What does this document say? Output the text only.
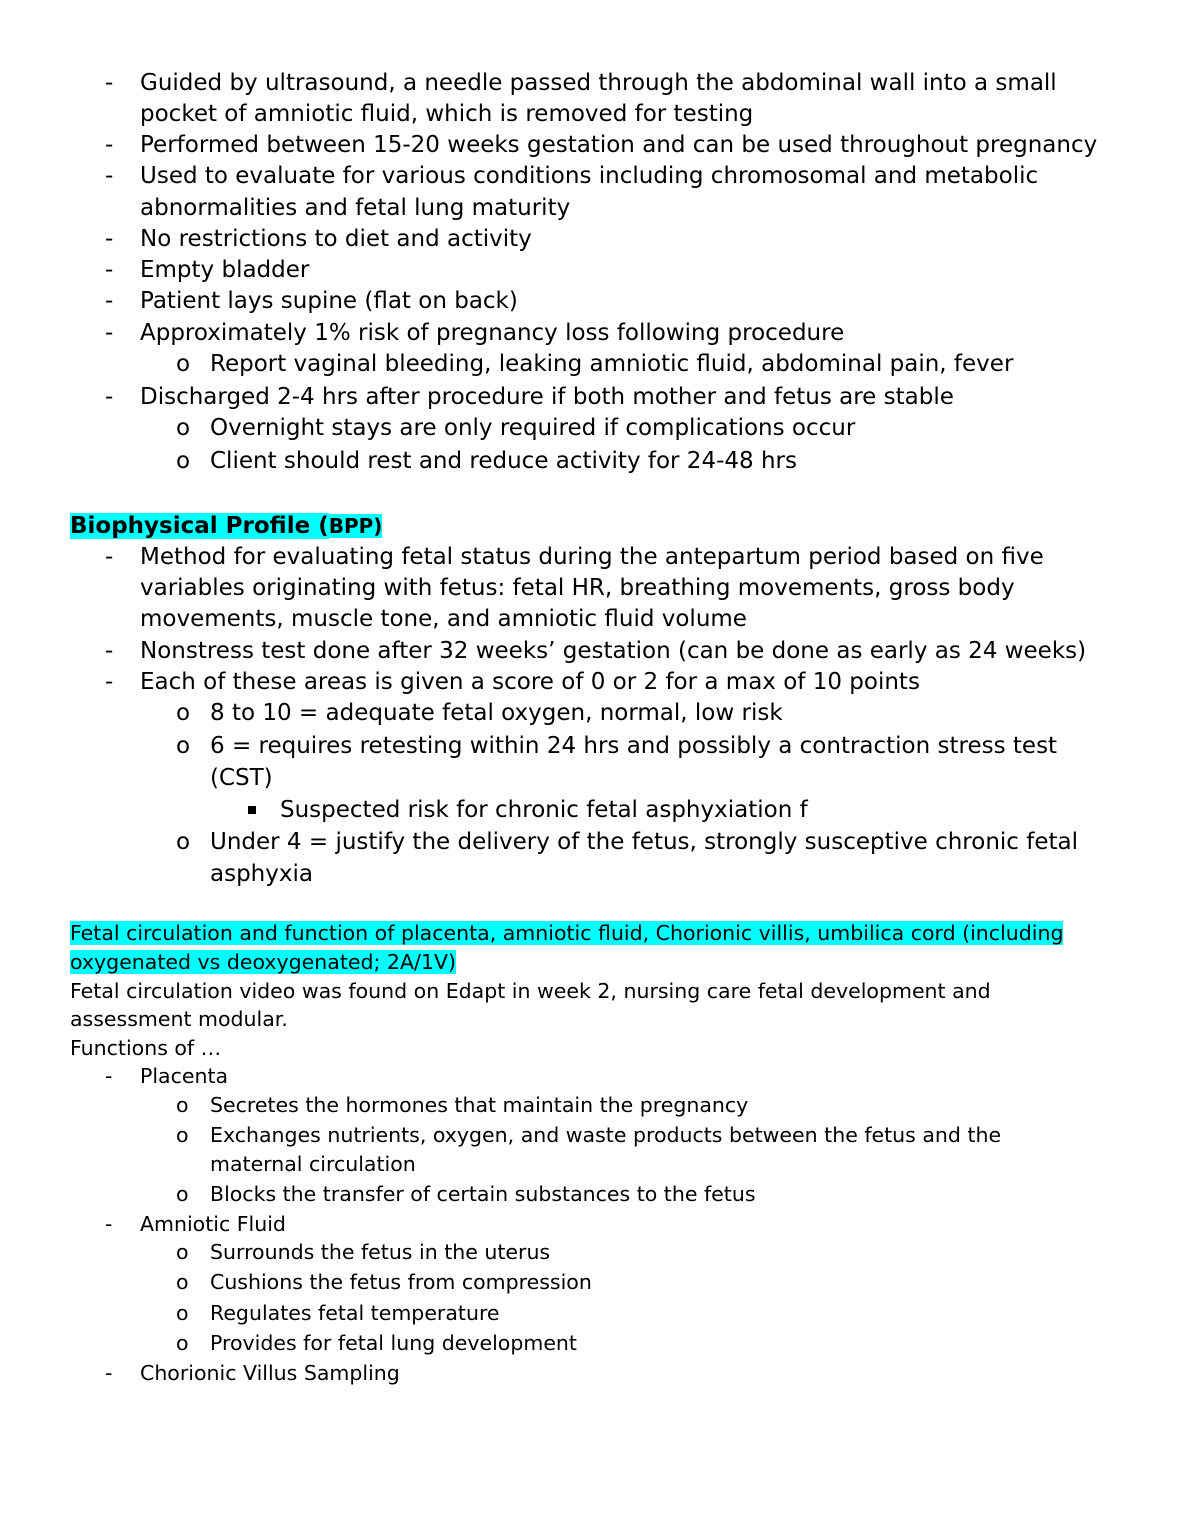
- Guided by ultrasound, a needle passed through the abdominal wall into a small
pocket of amniotic fluid, which is removed for testing
- Performed between 15-20 weeks gestation and can be used throughout pregnancy
- Used to evaluate for various conditions including chromosomal and metabolic
abnormalities and fetal lung maturity
- No restrictions to diet and activity
- Empty bladder
- Patient lays supine (flat on back)
- Approximately 1% risk of pregnancy loss following procedure
o Report vaginal bleeding, leaking amniotic fluid, abdominal pain, fever
- Discharged 2-4 hrs after procedure if both mother and fetus are stable
o Overnight stays are only required if complications occur
o Client should rest and reduce activity for 24-48 hrs
Biophysical Profile (BPP)
- Method for evaluating fetal status during the antepartum period based on five
variables originating with fetus: fetal HR, breathing movements, gross body
movements, muscle tone, and amniotic fluid volume
- Nonstress test done after 32 weeks’ gestation (can be done as early as 24 weeks)
- Each of these areas is given a score of 0 or 2 for a max of 10 points
o 8 to 10 = adequate fetal oxygen, normal, low risk
o 6 = requires retesting within 24 hrs and possibly a contraction stress test
(CST)
Suspected risk for chronic fetal asphyxiation f
o Under 4 = justify the delivery of the fetus, strongly susceptive chronic fetal
asphyxia
Fetal circulation and function of placenta, amniotic fluid, Chorionic villis, umbilica cord (including
oxygenated vs deoxygenated; 2A/1V)
Fetal circulation video was found on Edapt in week 2, nursing care fetal development and
assessment modular.
Functions of …
- Placenta
o Secretes the hormones that maintain the pregnancy
o Exchanges nutrients, oxygen, and waste products between the fetus and the
maternal circulation
o Blocks the transfer of certain substances to the fetus
- Amniotic Fluid
o Surrounds the fetus in the uterus
o Cushions the fetus from compression
o Regulates fetal temperature
o Provides for fetal lung development
- Chorionic Villus Sampling
